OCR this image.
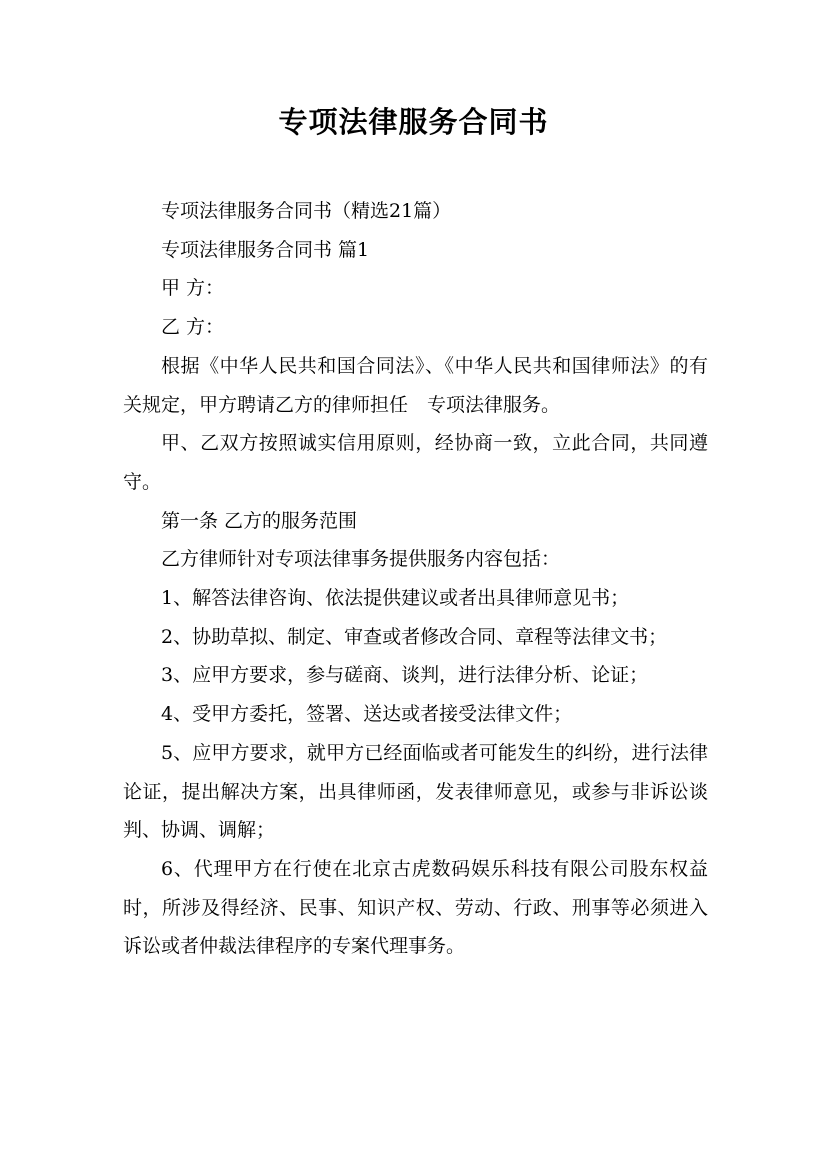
专项法律服务合同书

专项法律服务合同书（精选21篇）

专项法律服务合同书 篇1

甲 方：

乙 方：

根据《中华人民共和国合同法》、《中华人民共和国律师法》的有关规定，甲方聘请乙方的律师担任　专项法律服务。

甲、乙双方按照诚实信用原则，经协商一致，立此合同，共同遵守。

第一条 乙方的服务范围

乙方律师针对专项法律事务提供服务内容包括：

1、解答法律咨询、依法提供建议或者出具律师意见书；

2、协助草拟、制定、审查或者修改合同、章程等法律文书；

3、应甲方要求，参与磋商、谈判，进行法律分析、论证；

4、受甲方委托，签署、送达或者接受法律文件；

5、应甲方要求，就甲方已经面临或者可能发生的纠纷，进行法律论证，提出解决方案，出具律师函，发表律师意见，或参与非诉讼谈判、协调、调解；

6、代理甲方在行使在北京古虎数码娱乐科技有限公司股东权益时，所涉及得经济、民事、知识产权、劳动、行政、刑事等必须进入诉讼或者仲裁法律程序的专案代理事务。
